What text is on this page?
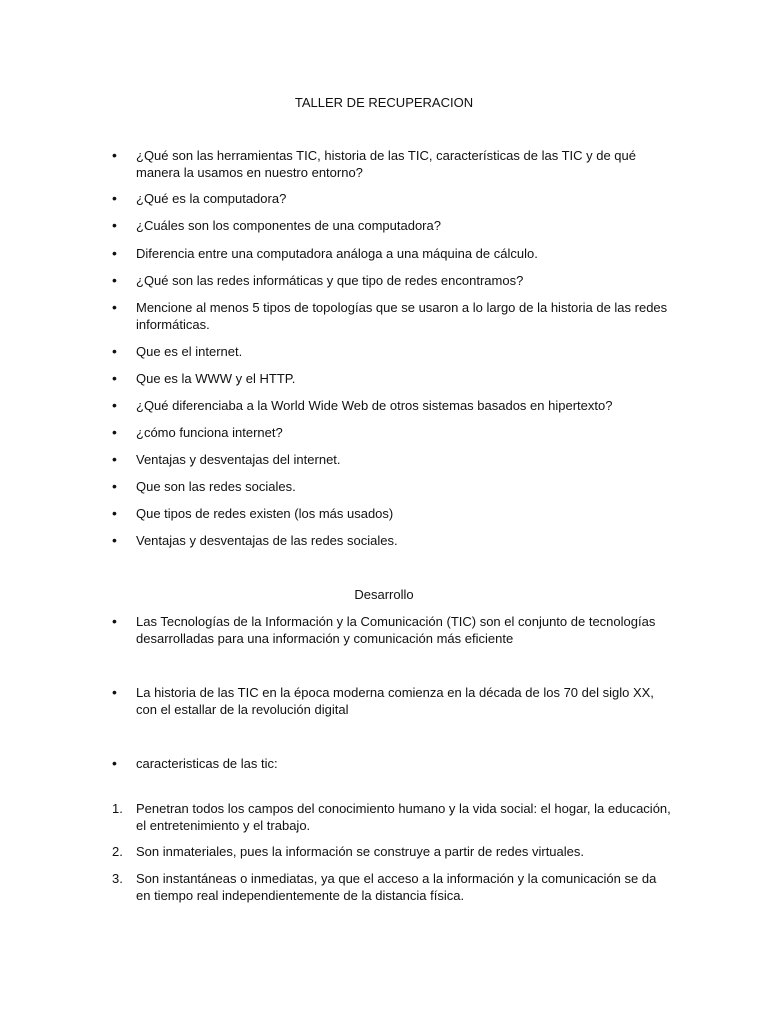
TALLER DE RECUPERACION
•
¿Qué son las herramientas TIC, historia de las TIC, características de las TIC y de qué manera la usamos en nuestro entorno?
•
¿Qué es la computadora?
•
¿Cuáles son los componentes de una computadora?
•
Diferencia entre una computadora análoga a una máquina de cálculo.
•
¿Qué son las redes informáticas y que tipo de redes encontramos?
•
Mencione al menos 5 tipos de topologías que se usaron a lo largo de la historia de las redes informáticas.
•
Que es el internet.
•
Que es la WWW y el HTTP.
•
¿Qué diferenciaba a la World Wide Web de otros sistemas basados en hipertexto?
•
¿cómo funciona internet?
•
Ventajas y desventajas del internet.
•
Que son las redes sociales.
•
Que tipos de redes existen (los más usados)
•
Ventajas y desventajas de las redes sociales.
Desarrollo
•
Las Tecnologías de la Información y la Comunicación (TIC) son el conjunto de tecnologías desarrolladas para una información y comunicación más eficiente
•
La historia de las TIC en la época moderna comienza en la década de los 70 del siglo XX, con el estallar de la revolución digital
•
caracteristicas de las tic:
1.	Penetran todos los campos del conocimiento humano y la vida social: el hogar, la educación, el entretenimiento y el trabajo.
2.	Son inmateriales, pues la información se construye a partir de redes virtuales.
3.	Son instantáneas o inmediatas, ya que el acceso a la información y la comunicación se da en tiempo real independientemente de la distancia física.
